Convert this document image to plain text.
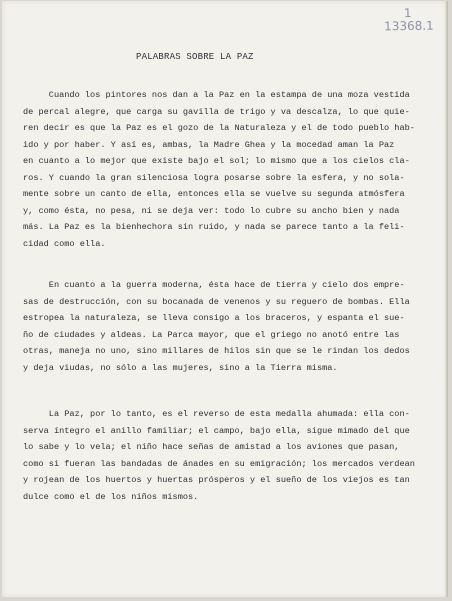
1
13368.1
PALABRAS SOBRE LA PAZ
Cuando los pintores nos dan a la Paz en la estampa de una moza vestida
de percal alegre, que carga su gavilla de trigo y va descalza, lo que quie-
ren decir es que la Paz es el gozo de la Naturaleza y el de todo pueblo hab-
ido y por haber. Y así es, ambas, la Madre Ghea y la mocedad aman la Paz
en cuanto a lo mejor que existe bajo el sol; lo mismo que a los cielos cla-
ros. Y cuando la gran silenciosa logra posarse sobre la esfera, y no sola-
mente sobre un canto de ella, entonces ella se vuelve su segunda atmósfera
y, como ésta, no pesa, ni se deja ver: todo lo cubre su ancho bien y nada
más. La Paz es la bienhechora sin ruido, y nada se parece tanto a la feli-
cidad como ella.
En cuanto a la guerra moderna, ésta hace de tierra y cielo dos empre-
sas de destrucción, con su bocanada de venenos y su reguero de bombas. Ella
estropea la naturaleza, se lleva consigo a los braceros, y espanta el sue-
ño de ciudades y aldeas. La Parca mayor, que el griego no anotó entre las
otras, maneja no uno, sino millares de hilos sin que se le rindan los dedos
y deja viudas, no sólo a las mujeres, sino a la Tierra misma.
La Paz, por lo tanto, es el reverso de esta medalla ahumada: ella con-
serva íntegro el anillo familiar; el campo, bajo ella, sigue mimado del que
lo sabe y lo vela; el niño hace señas de amistad a los aviones que pasan,
como si fueran las bandadas de ánades en su emigración; los mercados verdean
y rojean de los huertos y huertas prósperos y el sueño de los viejos es tan
dulce como el de los niños mismos.
